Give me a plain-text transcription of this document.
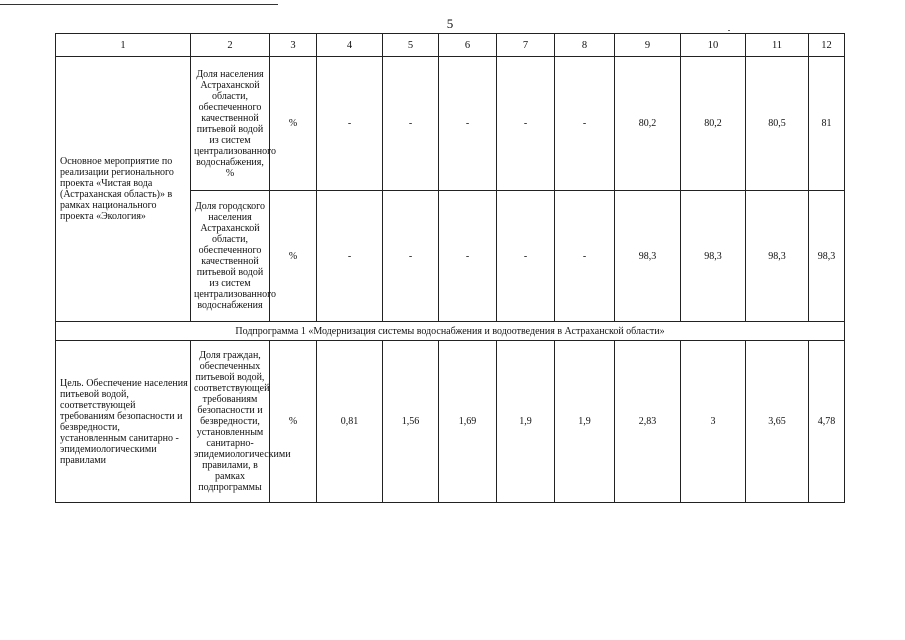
5
1	2	3	4	5	6	7	8	9	10	11	12
Основное мероприятие по реализации регионального проекта «Чистая вода (Астраханская область)» в рамках национального проекта «Экология»	Доля населения Астраханской области, обеспеченного качественной питьевой водой из систем централизованного водоснабжения, %	%	-	-	-	-	-	80,2	80,2	80,5	81
	Доля городского населения Астраханской области, обеспеченного качественной питьевой водой из систем централизованного водоснабжения	%	-	-	-	-	-	98,3	98,3	98,3	98,3
Подпрограмма 1 «Модернизация системы водоснабжения и водоотведения в Астраханской области»											
Цель. Обеспечение населения питьевой водой, соответствующей требованиям безопасности и безвредности, установленным санитарно - эпидемиологическими правилами	Доля граждан, обеспеченных питьевой водой, соответствующей требованиям безопасности и безвредности, установленным санитарно-эпидемиологическими правилами, в рамках подпрограммы	%	0,81	1,56	1,69	1,9	1,9	2,83	3	3,65	4,78
